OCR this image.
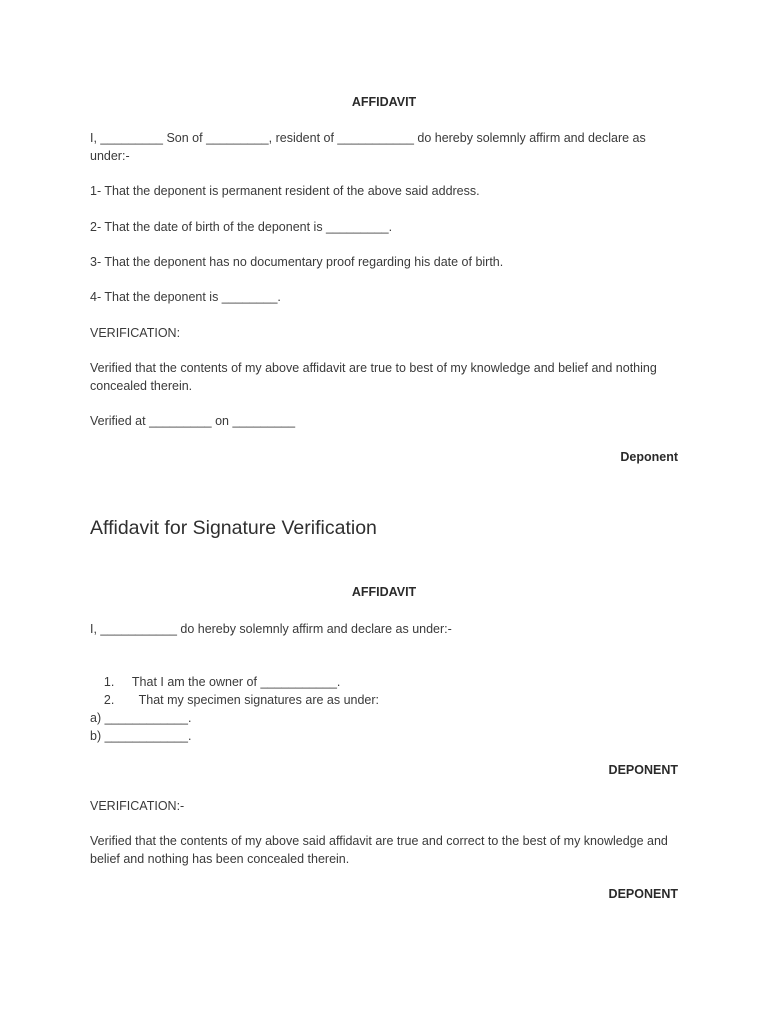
AFFIDAVIT
I, _________ Son of _________, resident of ___________ do hereby solemnly affirm and declare as under:-
1- That the deponent is permanent resident of the above said address.
2- That the date of birth of the deponent is _________.
3- That the deponent has no documentary proof regarding his date of birth.
4- That the deponent is ________.
VERIFICATION:
Verified that the contents of my above affidavit are true to best of my knowledge and belief and nothing concealed therein.
Verified at _________ on _________
Deponent
Affidavit for Signature Verification
AFFIDAVIT
I, ___________ do hereby solemnly affirm and declare as under:-

1. That I am the owner of ___________.

2.  That my specimen signatures are as under:

a) ____________.
b) ____________.
DEPONENT
VERIFICATION:-
Verified that the contents of my above said affidavit are true and correct to the best of my knowledge and belief and nothing has been concealed therein.
DEPONENT
